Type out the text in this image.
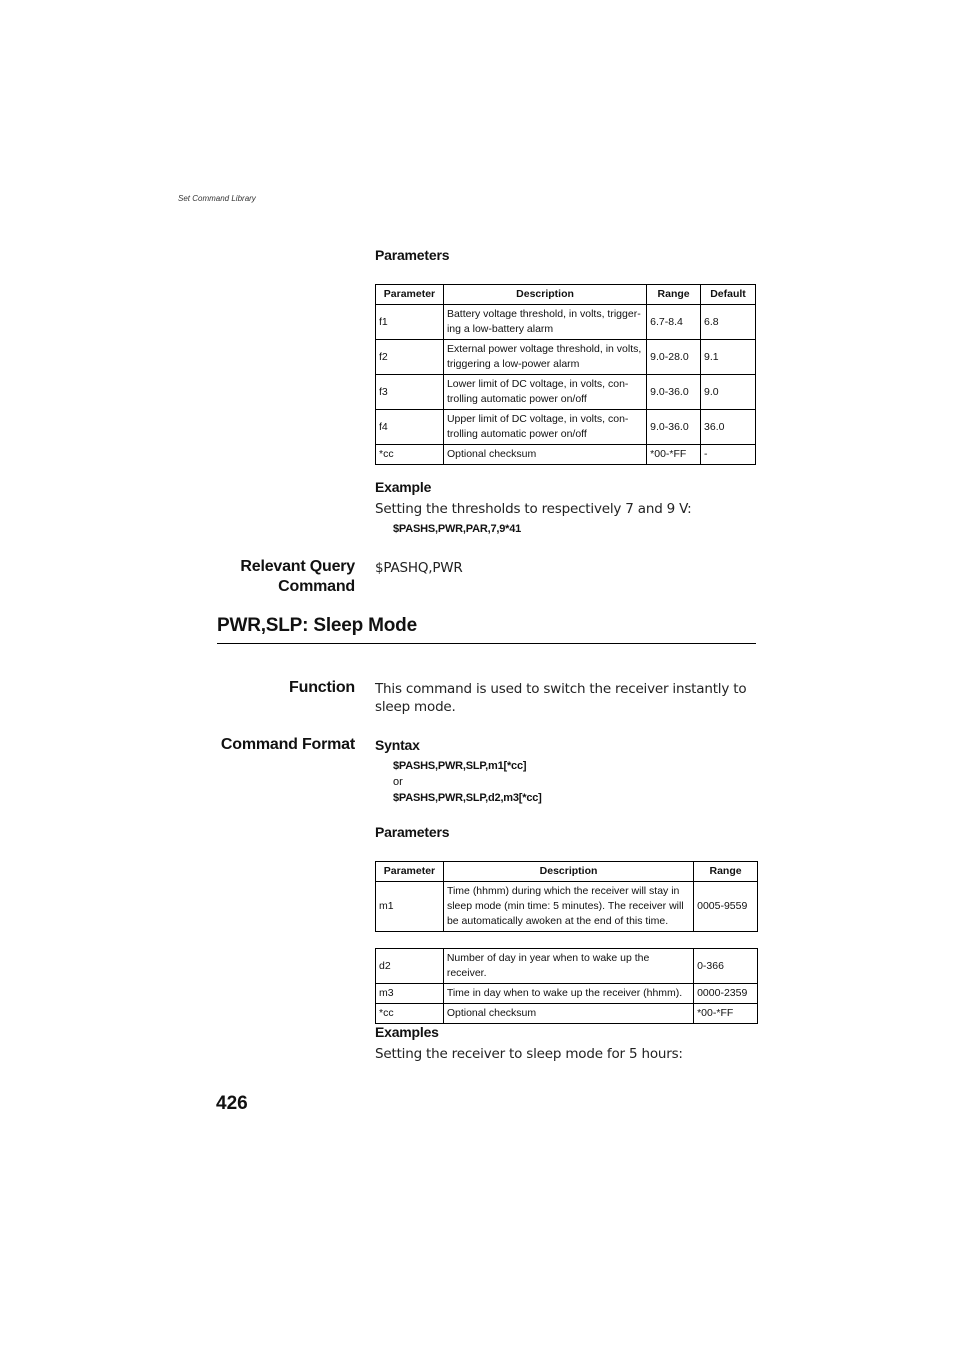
Set Command Library
Parameters
Parameter	Description	Range	Default
f1	Battery voltage threshold, in volts, trigger-ing a low-battery alarm	6.7-8.4	6.8
f2	External power voltage threshold, in volts, triggering a low-power alarm	9.0-28.0	9.1
f3	Lower limit of DC voltage, in volts, con-trolling automatic power on/off	9.0-36.0	9.0
f4	Upper limit of DC voltage, in volts, con-trolling automatic power on/off	9.0-36.0	36.0
*cc	Optional checksum	*00-*FF	-
Example
Setting the thresholds to respectively 7 and 9 V:
$PASHS,PWR,PAR,7,9*41
Relevant Query
Command
$PASHQ,PWR
PWR,SLP: Sleep Mode
Function This command is used to switch the receiver instantly to sleep mode.
Command Format Syntax
$PASHS,PWR,SLP,m1[*cc]
or
$PASHS,PWR,SLP,d2,m3[*cc]
Parameters
Parameter	Description	Range
m1	Time (hhmm) during which the receiver will stay in sleep mode (min time: 5 minutes). The receiver will be automatically awoken at the end of this time.	0005-9559
d2	Number of day in year when to wake up the receiver.	0-366
m3	Time in day when to wake up the receiver (hhmm).	0000-2359
*cc	Optional checksum	*00-*FF
Examples
Setting the receiver to sleep mode for 5 hours:
426
